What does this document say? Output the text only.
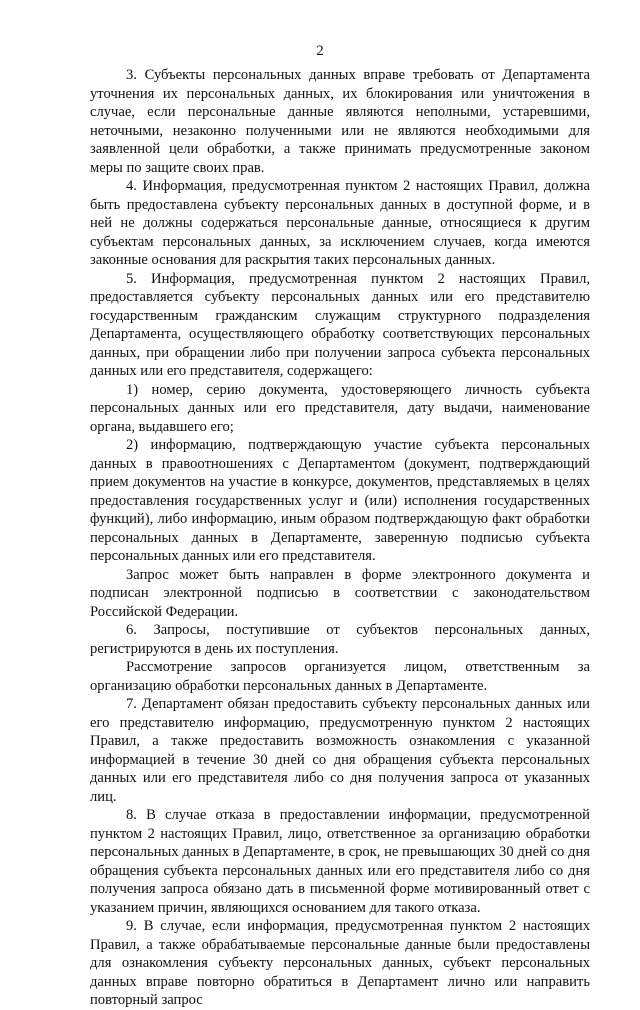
2

3. Субъекты персональных данных вправе требовать от Департамента уточнения их персональных данных, их блокирования или уничтожения в случае, если персональные данные являются неполными, устаревшими, неточными, незаконно полученными или не являются необходимыми для заявленной цели обработки, а также принимать предусмотренные законом меры по защите своих прав.

4. Информация, предусмотренная пунктом 2 настоящих Правил, должна быть предоставлена субъекту персональных данных в доступной форме, и в ней не должны содержаться персональные данные, относящиеся к другим субъектам персональных данных, за исключением случаев, когда имеются законные основания для раскрытия таких персональных данных.

5. Информация, предусмотренная пунктом 2 настоящих Правил, предоставляется субъекту персональных данных или его представителю государственным гражданским служащим структурного подразделения Департамента, осуществляющего обработку соответствующих персональных данных, при обращении либо при получении запроса субъекта персональных данных или его представителя, содержащего:

1) номер, серию документа, удостоверяющего личность субъекта персональных данных или его представителя, дату выдачи, наименование органа, выдавшего его;

2) информацию, подтверждающую участие субъекта персональных данных в правоотношениях с Департаментом (документ, подтверждающий прием документов на участие в конкурсе, документов, представляемых в целях предоставления государственных услуг и (или) исполнения государственных функций), либо информацию, иным образом подтверждающую факт обработки персональных данных в Департаменте, заверенную подписью субъекта персональных данных или его представителя.

Запрос может быть направлен в форме электронного документа и подписан электронной подписью в соответствии с законодательством Российской Федерации.

6. Запросы, поступившие от субъектов персональных данных, регистрируются в день их поступления.

Рассмотрение запросов организуется лицом, ответственным за организацию обработки персональных данных в Департаменте.

7. Департамент обязан предоставить субъекту персональных данных или его представителю информацию, предусмотренную пунктом 2 настоящих Правил, а также предоставить возможность ознакомления с указанной информацией в течение 30 дней со дня обращения субъекта персональных данных или его представителя либо со дня получения запроса от указанных лиц.

8. В случае отказа в предоставлении информации, предусмотренной пунктом 2 настоящих Правил, лицо, ответственное за организацию обработки персональных данных в Департаменте, в срок, не превышающих 30 дней со дня обращения субъекта персональных данных или его представителя либо со дня получения запроса обязано дать в письменной форме мотивированный ответ с указанием причин, являющихся основанием для такого отказа.

9. В случае, если информация, предусмотренная пунктом 2 настоящих Правил, а также обрабатываемые персональные данные были предоставлены для ознакомления субъекту персональных данных, субъект персональных данных вправе повторно обратиться в Департамент лично или направить повторный запрос
